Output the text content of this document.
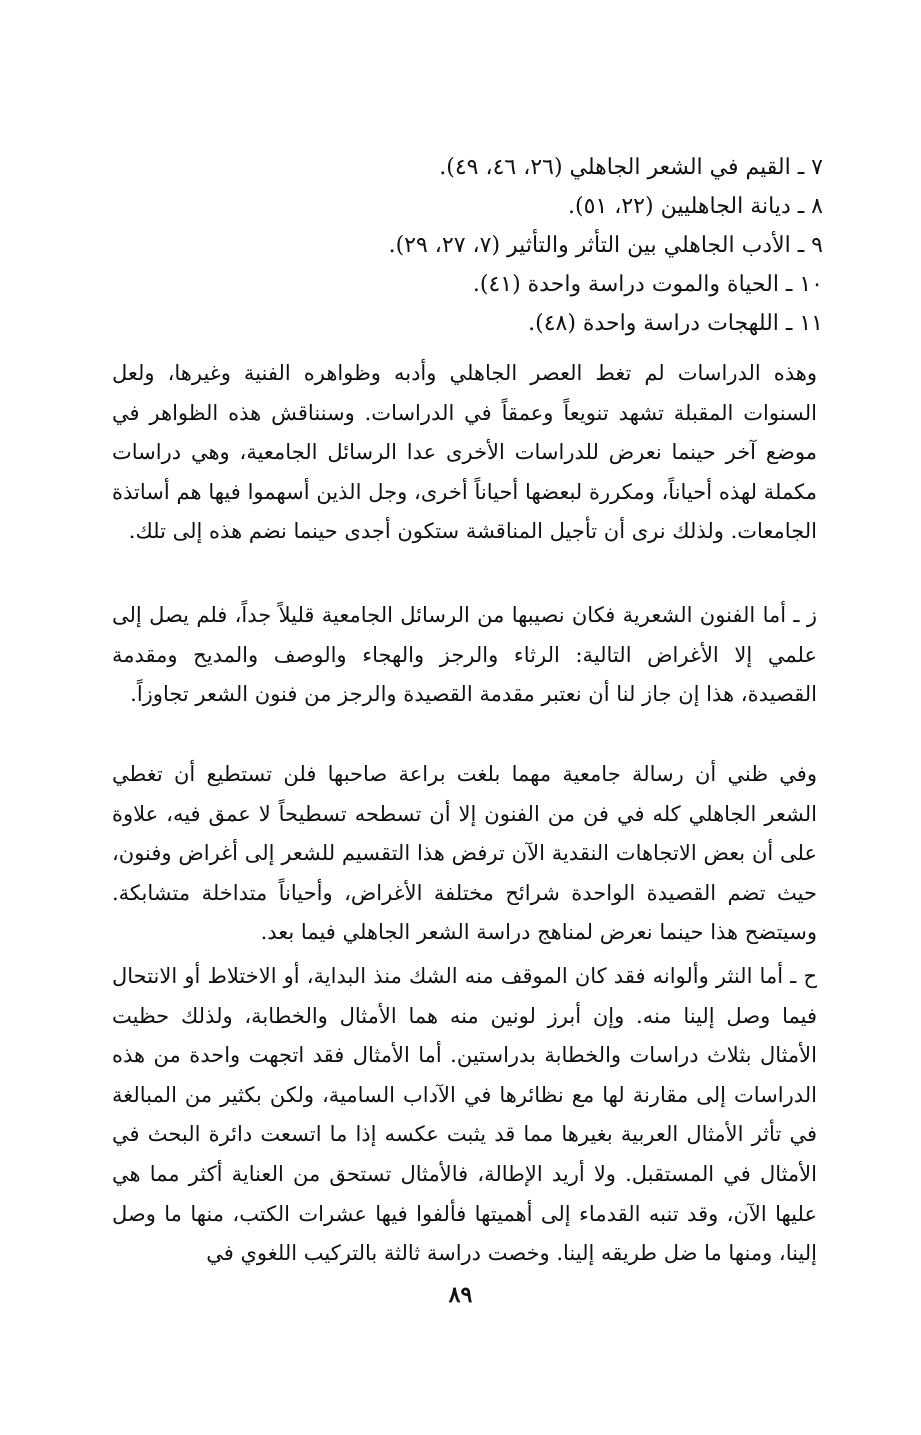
٧ ـ القيم في الشعر الجاهلي (٢٦، ٤٦، ٤٩).
٨ ـ ديانة الجاهليين (٢٢، ٥١).
٩ ـ الأدب الجاهلي بين التأثر والتأثير (٧، ٢٧، ٢٩).
١٠ ـ الحياة والموت دراسة واحدة (٤١).
١١ ـ اللهجات دراسة واحدة (٤٨).

وهذه الدراسات لم تغط العصر الجاهلي وأدبه وظواهره الفنية وغيرها، ولعل السنوات المقبلة تشهد تنويعاً وعمقاً في الدراسات. وسنناقش هذه الظواهر في موضع آخر حينما نعرض للدراسات الأخرى عدا الرسائل الجامعية، وهي دراسات مكملة لهذه أحياناً، ومكررة لبعضها أحياناً أخرى، وجل الذين أسهموا فيها هم أساتذة الجامعات. ولذلك نرى أن تأجيل المناقشة ستكون أجدى حينما نضم هذه إلى تلك.

ز ـ أما الفنون الشعرية فكان نصيبها من الرسائل الجامعية قليلاً جداً، فلم يصل إلى علمي إلا الأغراض التالية: الرثاء والرجز والهجاء والوصف والمديح ومقدمة القصيدة، هذا إن جاز لنا أن نعتبر مقدمة القصيدة والرجز من فنون الشعر تجاوزاً.

وفي ظني أن رسالة جامعية مهما بلغت براعة صاحبها فلن تستطيع أن تغطي الشعر الجاهلي كله في فن من الفنون إلا أن تسطحه تسطيحاً لا عمق فيه، علاوة على أن بعض الاتجاهات النقدية الآن ترفض هذا التقسيم للشعر إلى أغراض وفنون، حيث تضم القصيدة الواحدة شرائح مختلفة الأغراض، وأحياناً متداخلة متشابكة. وسيتضح هذا حينما نعرض لمناهج دراسة الشعر الجاهلي فيما بعد.

ح ـ أما النثر وألوانه فقد كان الموقف منه الشك منذ البداية، أو الاختلاط أو الانتحال فيما وصل إلينا منه. وإن أبرز لونين منه هما الأمثال والخطابة، ولذلك حظيت الأمثال بثلاث دراسات والخطابة بدراستين. أما الأمثال فقد اتجهت واحدة من هذه الدراسات إلى مقارنة لها مع نظائرها في الآداب السامية، ولكن بكثير من المبالغة في تأثر الأمثال العربية بغيرها مما قد يثبت عكسه إذا ما اتسعت دائرة البحث في الأمثال في المستقبل. ولا أريد الإطالة، فالأمثال تستحق من العناية أكثر مما هي عليها الآن، وقد تنبه القدماء إلى أهميتها فألفوا فيها عشرات الكتب، منها ما وصل إلينا، ومنها ما ضل طريقه إلينا. وخصت دراسة ثالثة بالتركيب اللغوي في

٨٩
